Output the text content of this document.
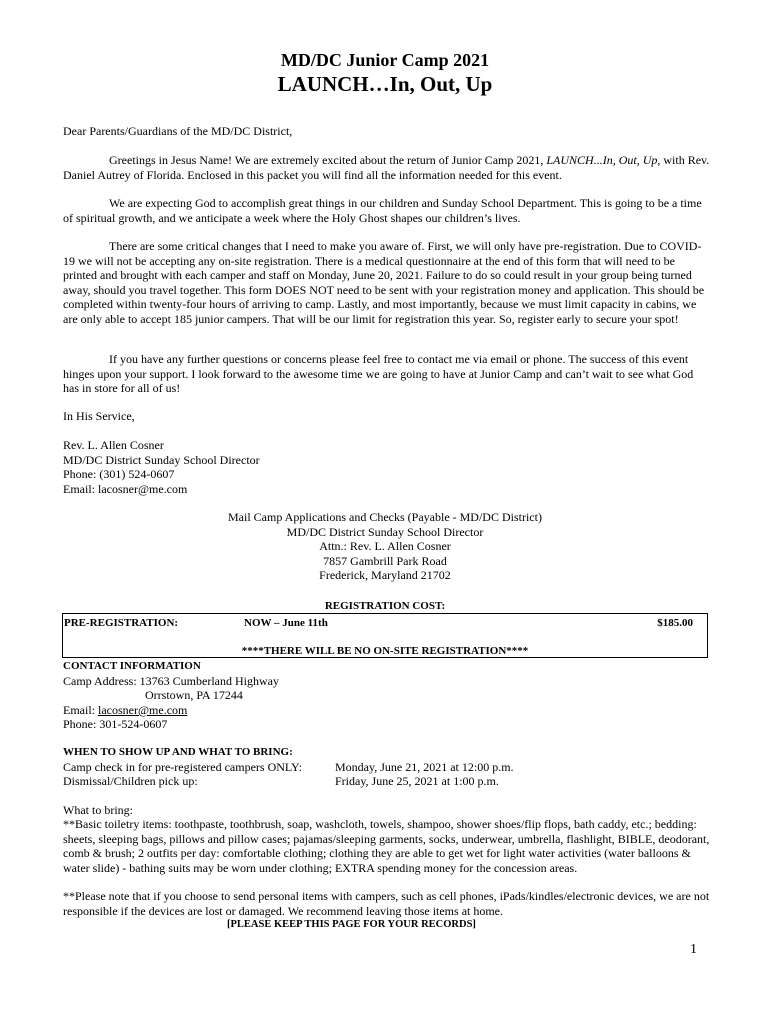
MD/DC Junior Camp 2021
LAUNCH…In, Out, Up
Dear Parents/Guardians of the MD/DC District,
Greetings in Jesus Name! We are extremely excited about the return of Junior Camp 2021, LAUNCH...In, Out, Up, with Rev. Daniel Autrey of Florida. Enclosed in this packet you will find all the information needed for this event.
We are expecting God to accomplish great things in our children and Sunday School Department. This is going to be a time of spiritual growth, and we anticipate a week where the Holy Ghost shapes our children’s lives.
There are some critical changes that I need to make you aware of. First, we will only have pre-registration. Due to COVID-19 we will not be accepting any on-site registration. There is a medical questionnaire at the end of this form that will need to be printed and brought with each camper and staff on Monday, June 20, 2021. Failure to do so could result in your group being turned away, should you travel together. This form DOES NOT need to be sent with your registration money and application. This should be completed within twenty-four hours of arriving to camp. Lastly, and most importantly, because we must limit capacity in cabins, we are only able to accept 185 junior campers. That will be our limit for registration this year. So, register early to secure your spot!
If you have any further questions or concerns please feel free to contact me via email or phone. The success of this event hinges upon your support. I look forward to the awesome time we are going to have at Junior Camp and can’t wait to see what God has in store for all of us!
In His Service,
Rev. L. Allen Cosner
MD/DC District Sunday School Director
Phone: (301) 524-0607
Email: lacosner@me.com
Mail Camp Applications and Checks (Payable - MD/DC District)
MD/DC District Sunday School Director
Attn.: Rev. L. Allen Cosner
7857 Gambrill Park Road
Frederick, Maryland 21702
REGISTRATION COST:
PRE-REGISTRATION:	NOW – June 11th	$185.00
****THERE WILL BE NO ON-SITE REGISTRATION****
CONTACT INFORMATION
Camp Address: 13763 Cumberland Highway
Orrstown, PA 17244
Email: lacosner@me.com
Phone: 301-524-0607
WHEN TO SHOW UP AND WHAT TO BRING:
Camp check in for pre-registered campers ONLY:	Monday, June 21, 2021 at 12:00 p.m.
Dismissal/Children pick up:	Friday, June 25, 2021 at 1:00 p.m.
What to bring:
**Basic toiletry items: toothpaste, toothbrush, soap, washcloth, towels, shampoo, shower shoes/flip flops, bath caddy, etc.; bedding: sheets, sleeping bags, pillows and pillow cases; pajamas/sleeping garments, socks, underwear, umbrella, flashlight, BIBLE, deodorant, comb & brush; 2 outfits per day: comfortable clothing; clothing they are able to get wet for light water activities (water balloons & water slide) - bathing suits may be worn under clothing; EXTRA spending money for the concession areas.
**Please note that if you choose to send personal items with campers, such as cell phones, iPads/kindles/electronic devices, we are not responsible if the devices are lost or damaged. We recommend leaving those items at home.
[PLEASE KEEP THIS PAGE FOR YOUR RECORDS]
1
